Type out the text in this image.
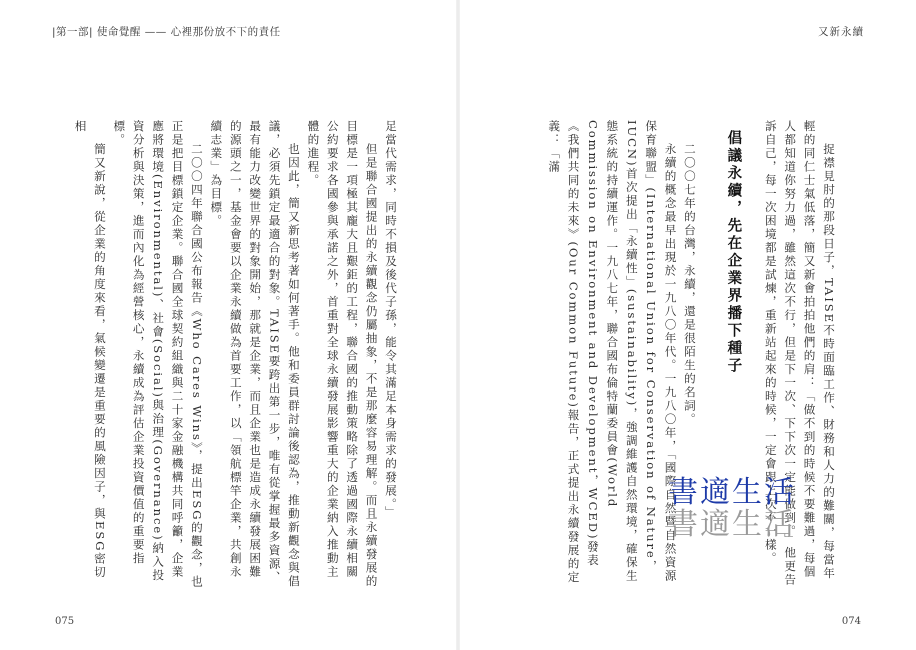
|第一部| 使命覺醒 —— 心裡那份放不下的責任	又新永續

捉襟見肘的那段日子，TAISE不時面臨工作、財務和人力的難關，每當年輕的同仁士氣低落，簡又新會拍拍他們的肩：「做不到的時候不要難過，每個人都知道你努力過，雖然這次不行，但是下一次、下下次一定能做到。」他更告訴自己，每一次困境都是試煉，重新站起來的時候，一定會跟上次不一樣。

倡議永續，先在企業界播下種子

二〇〇七年的台灣，永續，還是很陌生的名詞。

永續的概念最早出現於一九八〇年代。一九八〇年，「國際自然暨自然資源保育聯盟」(International Union for Conservation of Nature，IUCN)首次提出「永續性」(sustainability)，強調維護自然環境，確保生態系統的持續運作。一九八七年，聯合國布倫特蘭委員會(World Commission on Environment and Development，WCED)發表《我們共同的未來》(Our Common Future)報告，正式提出永續發展的定義：「滿

足當代需求，同時不損及後代子孫，能令其滿足本身需求的發展。」

但是聯合國提出的永續觀念仍屬抽象，不是那麼容易理解。而且永續發展的目標是一項極其龐大且艱鉅的工程，聯合國的推動策略除了透過國際永續相關公約要求各國參與承諾之外，首重對全球永續發展影響重大的企業納入推動主體的進程。

也因此，簡又新思考著如何著手。他和委員群討論後認為，推動新觀念與倡議，必須先鎖定最適合的對象。TAISE要跨出第一步，唯有從掌握最多資源、最有能力改變世界的對象開始，那就是企業，而且企業也是造成永續發展困難的源頭之一，基金會要以企業永續做為首要工作，以「領航標竿企業，共創永續志業」為目標。

二〇〇四年聯合國公布報告《Who Cares Wins》，提出ESG的觀念，也正是把目標鎖定企業。聯合國全球契約組織與二十家金融機構共同呼籲，企業應將環境(Environmental)、社會(Social)與治理(Governance)納入投資分析與決策，進而內化為經營核心，永續成為評估企業投資價值的重要指標。

簡又新說，從企業的角度來看，氣候變遷是重要的風險因子，與ESG密切相

075	074
書適生活
書適生活
